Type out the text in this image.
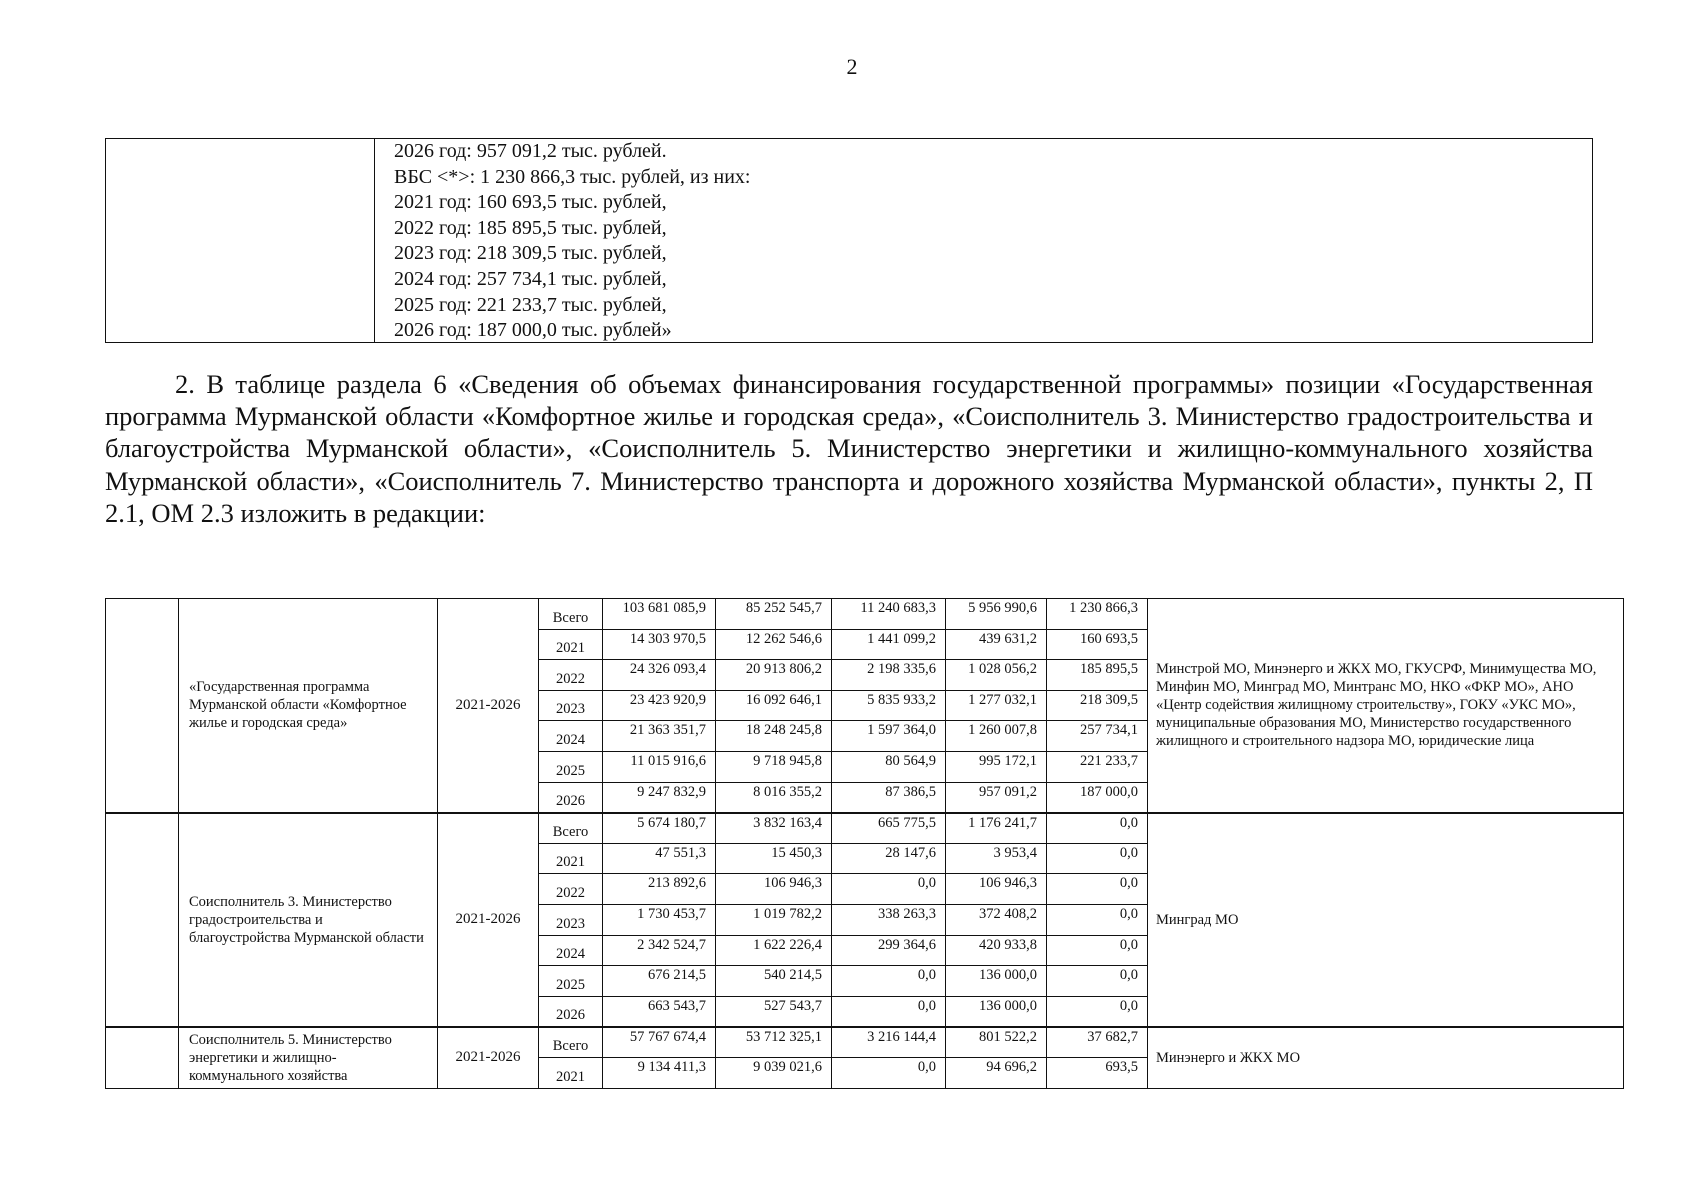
2
2026 год: 957 091,2 тыс. рублей.
ВБС <*>: 1 230 866,3 тыс. рублей, из них:
2021 год: 160 693,5 тыс. рублей,
2022 год: 185 895,5 тыс. рублей,
2023 год: 218 309,5 тыс. рублей,
2024 год: 257 734,1 тыс. рублей,
2025 год: 221 233,7 тыс. рублей,
2026 год: 187 000,0 тыс. рублей»
2. В таблице раздела 6 «Сведения об объемах финансирования государственной программы» позиции «Государственная программа Мурманской области «Комфортное жилье и городская среда», «Соисполнитель 3. Министерство градостроительства и благоустройства Мурманской области», «Соисполнитель 5. Министерство энергетики и жилищно-коммунального хозяйства Мурманской области», «Соисполнитель 7. Министерство транспорта и дорожного хозяйства Мурманской области», пункты 2, П 2.1, ОМ 2.3 изложить в редакции:
	«Государственная программа Мурманской области «Комфортное жилье и городская среда»	2021-2026	Всего	103 681 085,9	85 252 545,7	11 240 683,3	5 956 990,6	1 230 866,3	Минстрой МО, Минэнерго и ЖКХ МО, ГКУСРФ, Минимущества МО, Минфин МО, Минград МО, Минтранс МО, НКО «ФКР МО», АНО «Центр содействия жилищному строительству», ГОКУ «УКС МО», муниципальные образования МО, Министерство государственного жилищного и строительного надзора МО, юридические лица
			2021	14 303 970,5	12 262 546,6	1 441 099,2	439 631,2	160 693,5	
			2022	24 326 093,4	20 913 806,2	2 198 335,6	1 028 056,2	185 895,5	
			2023	23 423 920,9	16 092 646,1	5 835 933,2	1 277 032,1	218 309,5	
			2024	21 363 351,7	18 248 245,8	1 597 364,0	1 260 007,8	257 734,1	
			2025	11 015 916,6	9 718 945,8	80 564,9	995 172,1	221 233,7	
			2026	9 247 832,9	8 016 355,2	87 386,5	957 091,2	187 000,0	
	Соисполнитель 3. Министерство градостроительства и благоустройства Мурманской области	2021-2026	Всего	5 674 180,7	3 832 163,4	665 775,5	1 176 241,7	0,0	Минград МО
			2021	47 551,3	15 450,3	28 147,6	3 953,4	0,0	
			2022	213 892,6	106 946,3	0,0	106 946,3	0,0	
			2023	1 730 453,7	1 019 782,2	338 263,3	372 408,2	0,0	
			2024	2 342 524,7	1 622 226,4	299 364,6	420 933,8	0,0	
			2025	676 214,5	540 214,5	0,0	136 000,0	0,0	
			2026	663 543,7	527 543,7	0,0	136 000,0	0,0	
	Соисполнитель 5. Министерство энергетики и жилищно-коммунального хозяйства	2021-2026	Всего	57 767 674,4	53 712 325,1	3 216 144,4	801 522,2	37 682,7	Минэнерго и ЖКХ МО
			2021	9 134 411,3	9 039 021,6	0,0	94 696,2	693,5	
